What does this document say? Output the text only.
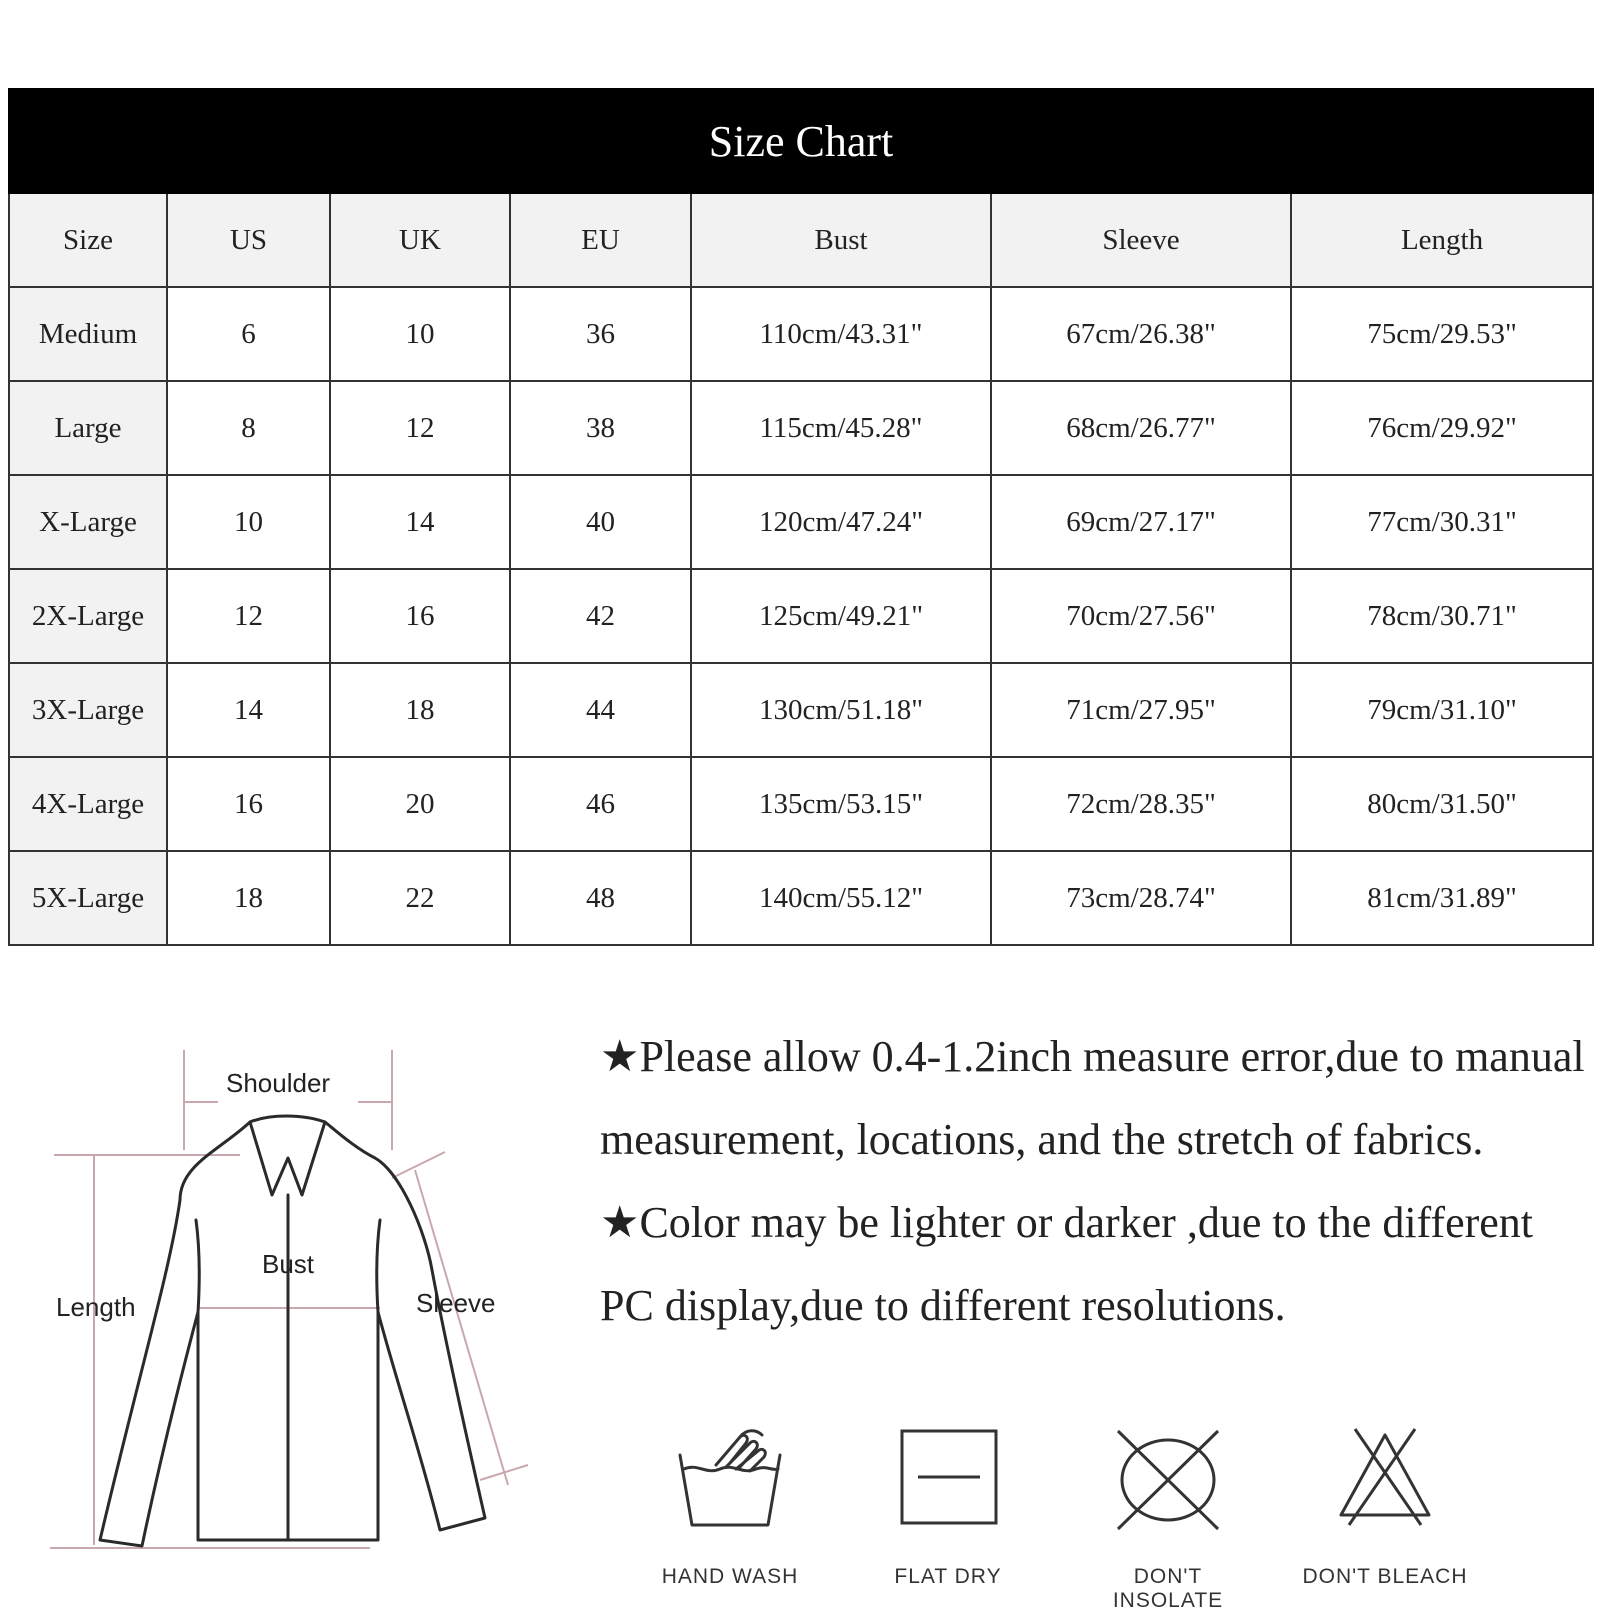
Size Chart						
Size	US	UK	EU	Bust	Sleeve	Length
Medium	6	10	36	110cm/43.31"	67cm/26.38"	75cm/29.53"
Large	8	12	38	115cm/45.28"	68cm/26.77"	76cm/29.92"
X-Large	10	14	40	120cm/47.24"	69cm/27.17"	77cm/30.31"
2X-Large	12	16	42	125cm/49.21"	70cm/27.56"	78cm/30.71"
3X-Large	14	18	44	130cm/51.18"	71cm/27.95"	79cm/31.10"
4X-Large	16	20	46	135cm/53.15"	72cm/28.35"	80cm/31.50"
5X-Large	18	22	48	140cm/55.12"	73cm/28.74"	81cm/31.89"
Shoulder
Bust
Length	Sleeve

★Please allow 0.4-1.2inch measure error,due to manual measurement, locations, and the stretch of fabrics.

★Color may be lighter or darker ,due to the different PC display,due to different resolutions.

HAND WASH	FLAT DRY	DON'T INSOLATE
DON'T BLEACH
